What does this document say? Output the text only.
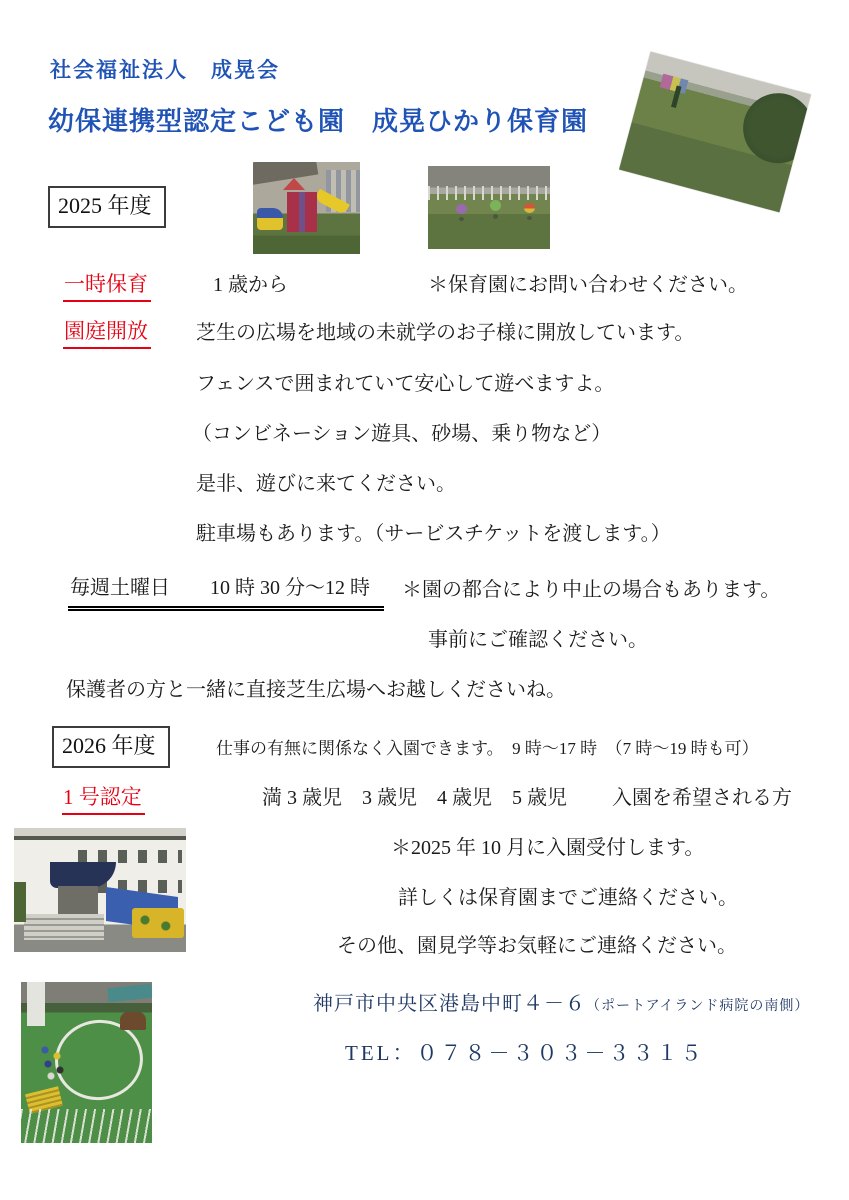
社会福祉法人　成晃会
幼保連携型認定こども園　成晃ひかり保育園
2025 年度
一時保育	1 歳から	＊保育園にお問い合わせください。
園庭開放 芝生の広場を地域の未就学のお子様に開放しています。
フェンスで囲まれていて安心して遊べますよ。
（コンビネーション遊具、砂場、乗り物など）
是非、遊びに来てください。
駐車場もあります。（サービスチケットを渡します。）
毎週土曜日　　10 時 30 分～12 時	＊園の都合により中止の場合もあります。
事前にご確認ください。
保護者の方と一緒に直接芝生広場へお越しくださいね。
2026 年度	仕事の有無に関係なく入園できます。　9 時～17 時　（7 時～19 時も可）
1 号認定	満 3 歳児　3 歳児　4 歳児　5 歳児 入園を希望される方
＊2025 年 10 月に入園受付します。
詳しくは保育園までご連絡ください。
その他、園見学等お気軽にご連絡ください。
神戸市中央区港島中町４－６（ポートアイランド病院の南側）
TEL：０７８－３０３－３３１５
